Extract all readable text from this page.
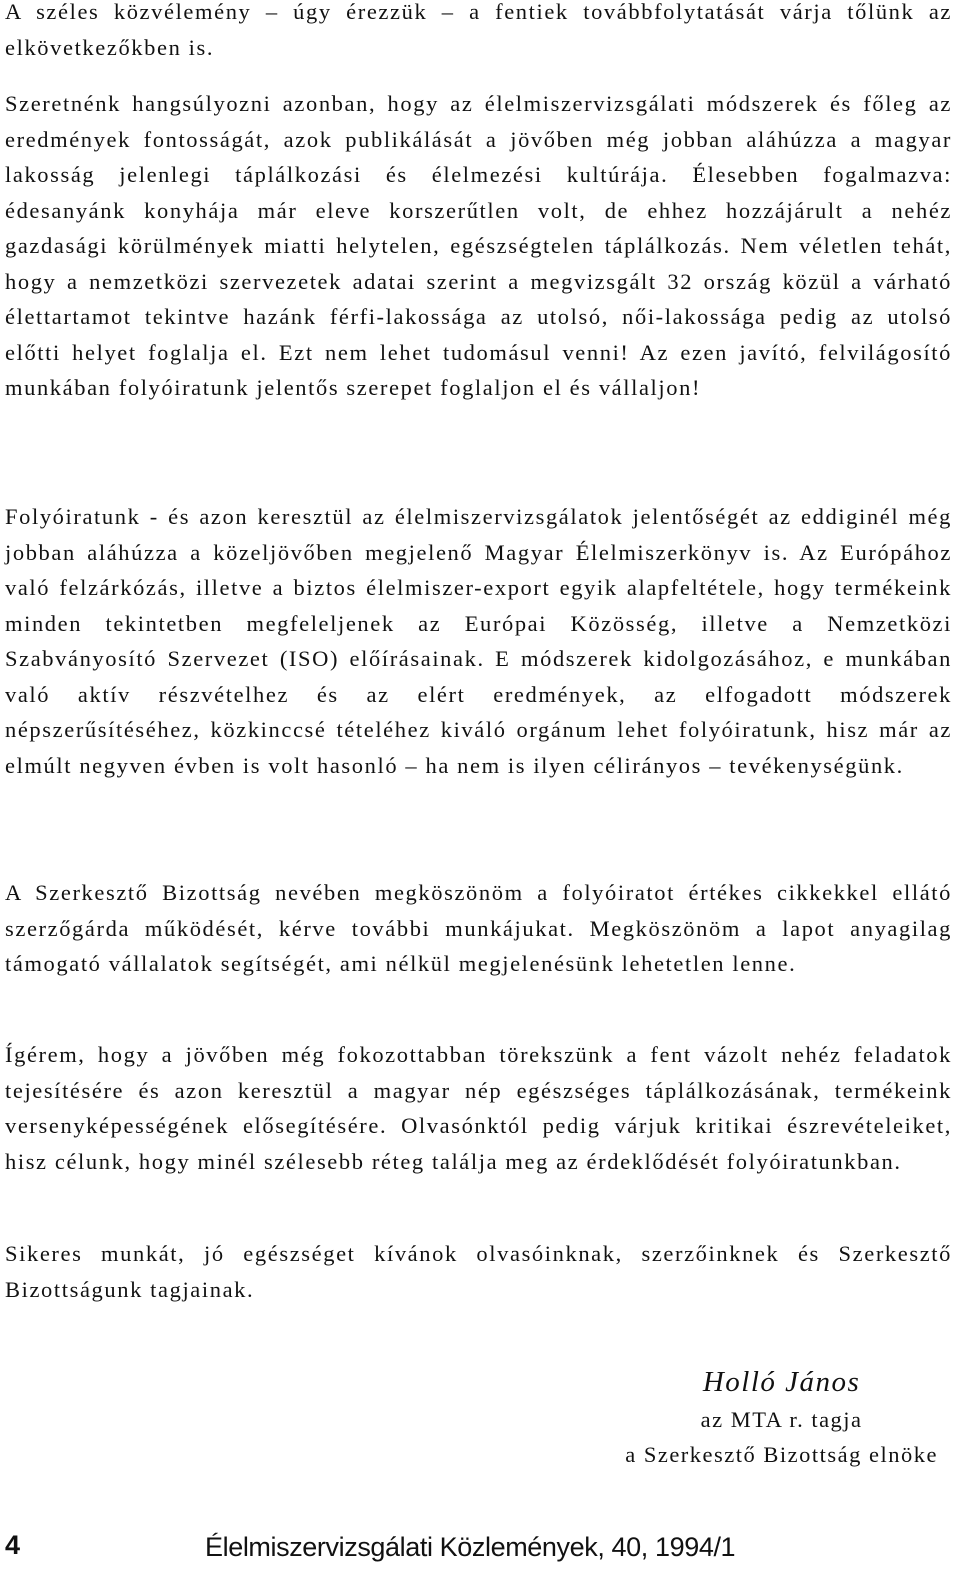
A széles közvélemény – úgy érezzük – a fentiek továbbfolytatását várja tőlünk az elkövetkezőkben is.

Szeretnénk hangsúlyozni azonban, hogy az élelmiszervizsgálati módszerek és főleg az eredmények fontosságát, azok publikálását a jövőben még jobban aláhúzza a magyar lakosság jelenlegi táplálkozási és élelmezési kultúrája. Élesebben fogalmazva: édesanyánk konyhája már eleve korszerűtlen volt, de ehhez hozzájárult a nehéz gazdasági körülmények miatti helytelen, egészségtelen táplálkozás. Nem véletlen tehát, hogy a nemzetközi szervezetek adatai szerint a megvizsgált 32 ország közül a várható élettartamot tekintve hazánk férfi-lakossága az utolsó, női-lakossága pedig az utolsó előtti helyet foglalja el. Ezt nem lehet tudomásul venni! Az ezen javító, felvilágosító munkában folyóiratunk jelentős szerepet foglaljon el és vállaljon!

Folyóiratunk - és azon keresztül az élelmiszervizsgálatok jelentőségét az eddiginél még jobban aláhúzza a közeljövőben megjelenő Magyar Élelmiszerkönyv is. Az Európához való felzárkózás, illetve a biztos élelmiszer-export egyik alapfeltétele, hogy termékeink minden tekintetben megfeleljenek az Európai Közösség, illetve a Nemzetközi Szabványosító Szervezet (ISO) előírásainak. E módszerek kidolgozásához, e munkában való aktív részvételhez és az elért eredmények, az elfogadott módszerek népszerűsítéséhez, közkinccsé tételéhez kiváló orgánum lehet folyóiratunk, hisz már az elmúlt negyven évben is volt hasonló – ha nem is ilyen célirányos – tevékenységünk.

A Szerkesztő Bizottság nevében megköszönöm a folyóiratot értékes cikkekkel ellátó szerzőgárda működését, kérve további munkájukat. Megköszönöm a lapot anyagilag támogató vállalatok segítségét, ami nélkül megjelenésünk lehetetlen lenne.

Ígérem, hogy a jövőben még fokozottabban törekszünk a fent vázolt nehéz feladatok tejesítésére és azon keresztül a magyar nép egészséges táplálkozásának, termékeink versenyképességének elősegítésére. Olvasónktól pedig várjuk kritikai észrevételeiket, hisz célunk, hogy minél szélesebb réteg találja meg az érdeklődését folyóiratunkban.

Sikeres munkát, jó egészséget kívánok olvasóinknak, szerzőinknek és Szerkesztő Bizottságunk tagjainak.

Holló János
az MTA r. tagja
a Szerkesztő Bizottság elnöke
4	Élelmiszervizsgálati Közlemények, 40, 1994/1
